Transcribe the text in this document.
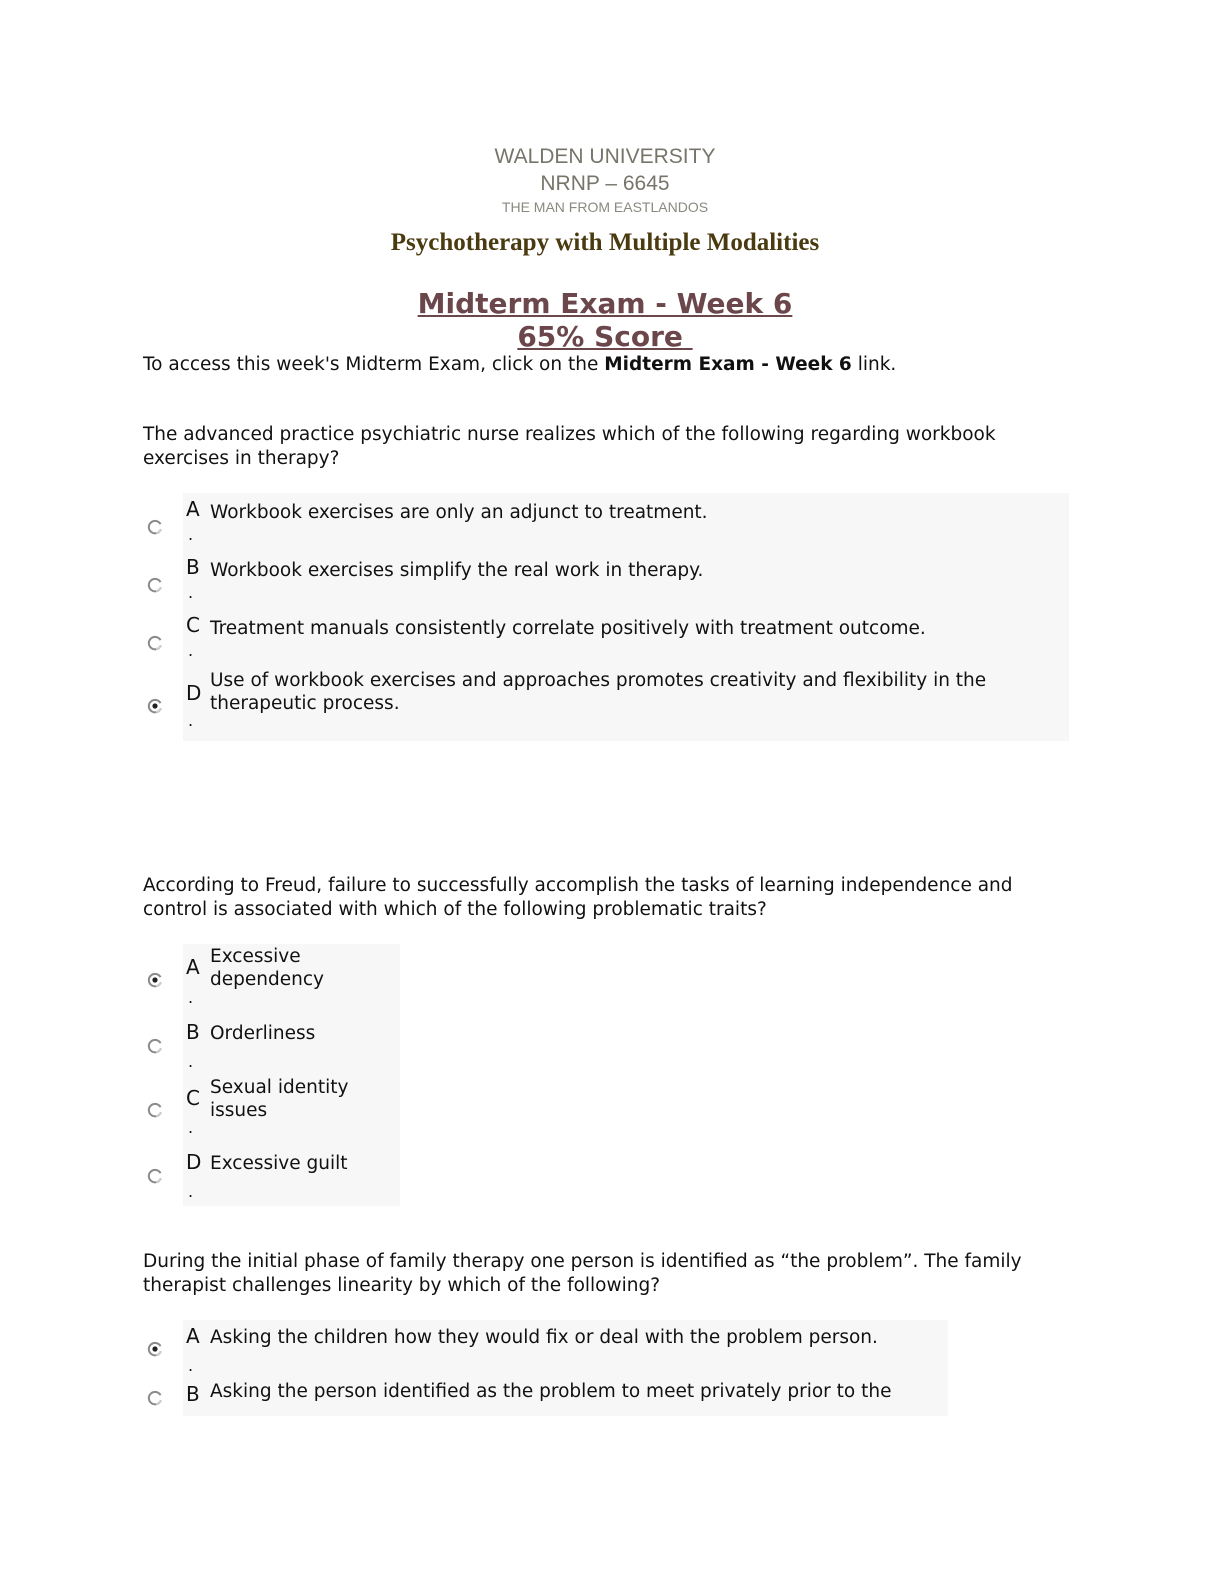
WALDEN UNIVERSITY
NRNP – 6645
THE MAN FROM EASTLANDOS
Psychotherapy with Multiple Modalities
Midterm Exam - Week 6
65% Score
To access this week's Midterm Exam, click on the Midterm Exam - Week 6 link.
The advanced practice psychiatric nurse realizes which of the following regarding workbook exercises in therapy?
A
.
Workbook exercises are only an adjunct to treatment.
B
.
Workbook exercises simplify the real work in therapy.
C
.
Treatment manuals consistently correlate positively with treatment outcome.
D
.
Use of workbook exercises and approaches promotes creativity and flexibility in the therapeutic process.
According to Freud, failure to successfully accomplish the tasks of learning independence and control is associated with which of the following problematic traits?
A
.
Excessive dependency
B
.
Orderliness
C
.
Sexual identity issues
D
.
Excessive guilt
During the initial phase of family therapy one person is identified as “the problem”. The family therapist challenges linearity by which of the following?
A
.
Asking the children how they would fix or deal with the problem person.
B Asking the person identified as the problem to meet privately prior to the
